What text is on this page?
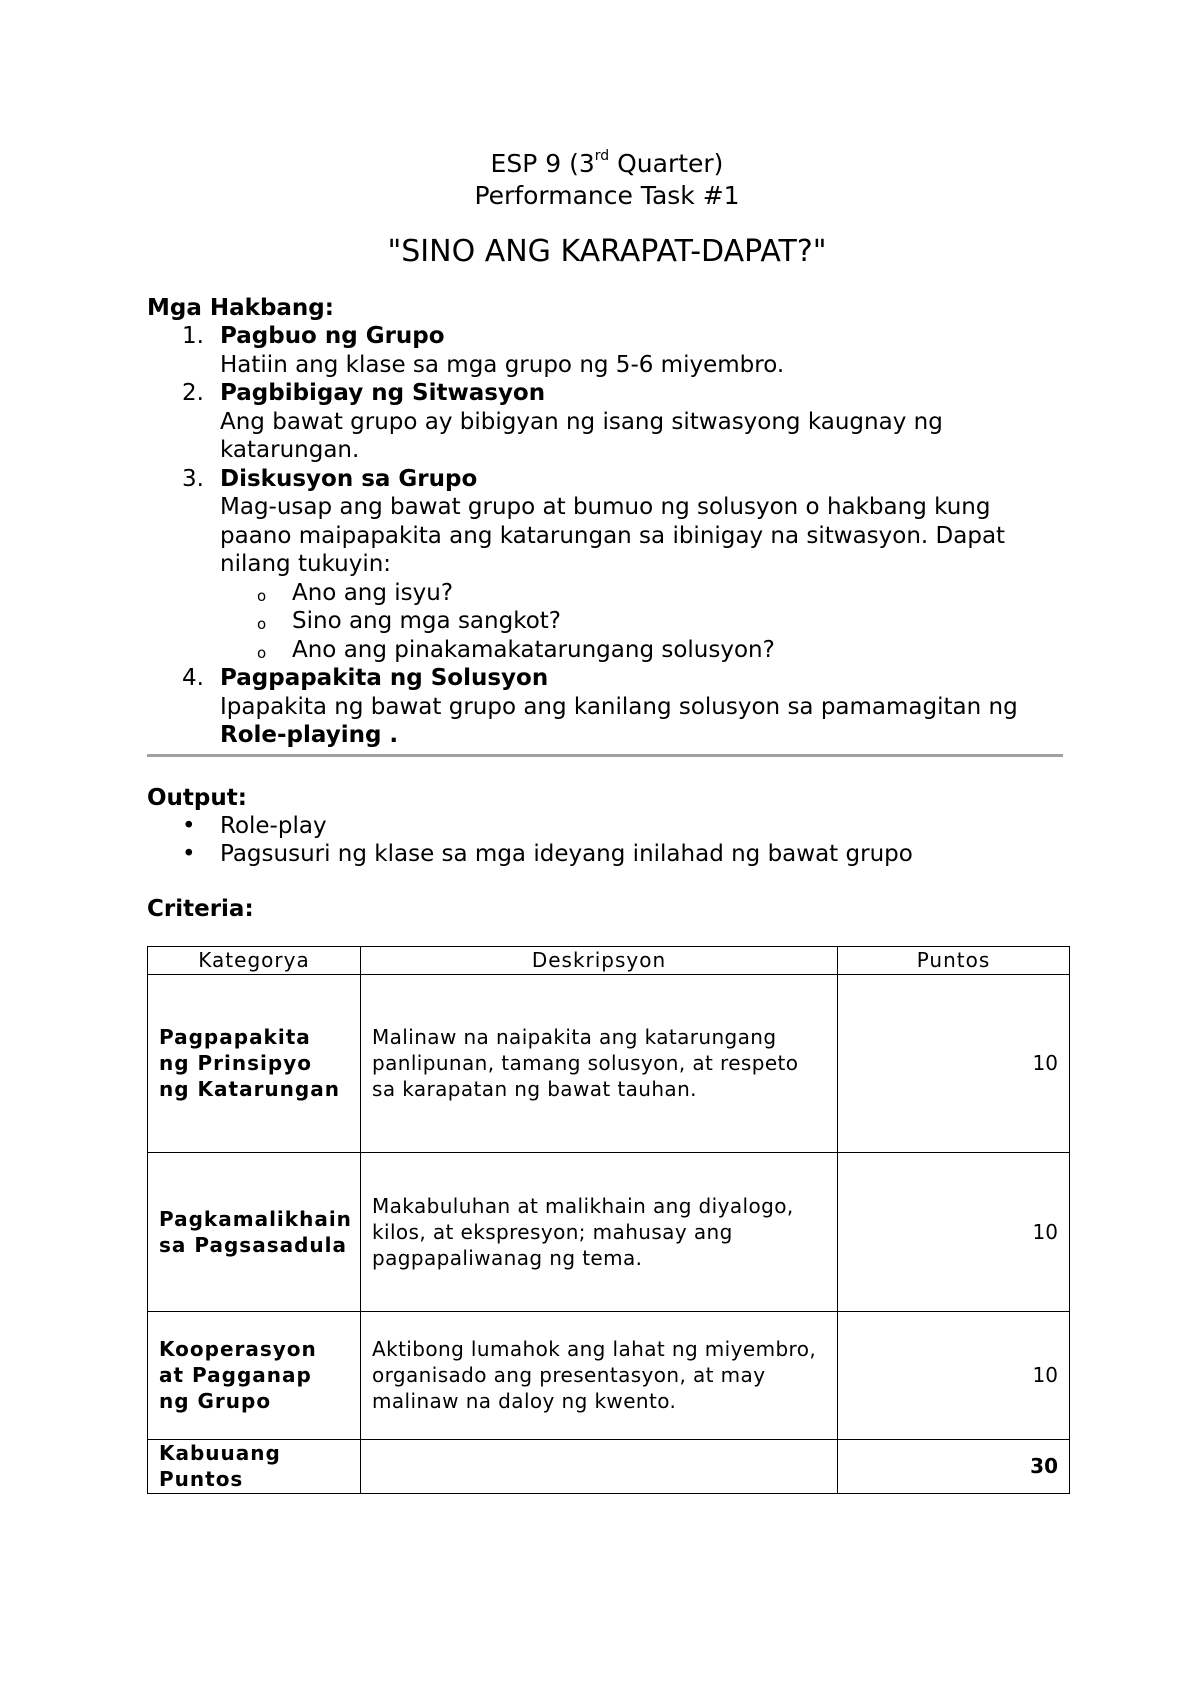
ESP 9 (3rd Quarter)
Performance Task #1
"SINO ANG KARAPAT-DAPAT?"
Mga Hakbang:
1. Pagbuo ng Grupo
Hatiin ang klase sa mga grupo ng 5-6 miyembro.
2. Pagbibigay ng Sitwasyon
Ang bawat grupo ay bibigyan ng isang sitwasyong kaugnay ng katarungan.
3. Diskusyon sa Grupo
Mag-usap ang bawat grupo at bumuo ng solusyon o hakbang kung paano maipapakita ang katarungan sa ibinigay na sitwasyon. Dapat nilang tukuyin:
o Ano ang isyu?
o Sino ang mga sangkot?
o Ano ang pinakamakatarungang solusyon?
4. Pagpapakita ng Solusyon
Ipapakita ng bawat grupo ang kanilang solusyon sa pamamagitan ng Role-playing .
Output:
• Role-play
• Pagsusuri ng klase sa mga ideyang inilahad ng bawat grupo
Criteria:
Kategorya	Deskripsyon	Puntos
Pagpapakita ng Prinsipyo ng Katarungan	Malinaw na naipakita ang katarungang panlipunan, tamang solusyon, at respeto sa karapatan ng bawat tauhan.	10
Pagkamalikhain sa Pagsasadula	Makabuluhan at malikhain ang diyalogo, kilos, at ekspresyon; mahusay ang pagpapaliwanag ng tema.	10
Kooperasyon at Pagganap ng Grupo	Aktibong lumahok ang lahat ng miyembro, organisado ang presentasyon, at may malinaw na daloy ng kwento.	10
Kabuuang Puntos		30
